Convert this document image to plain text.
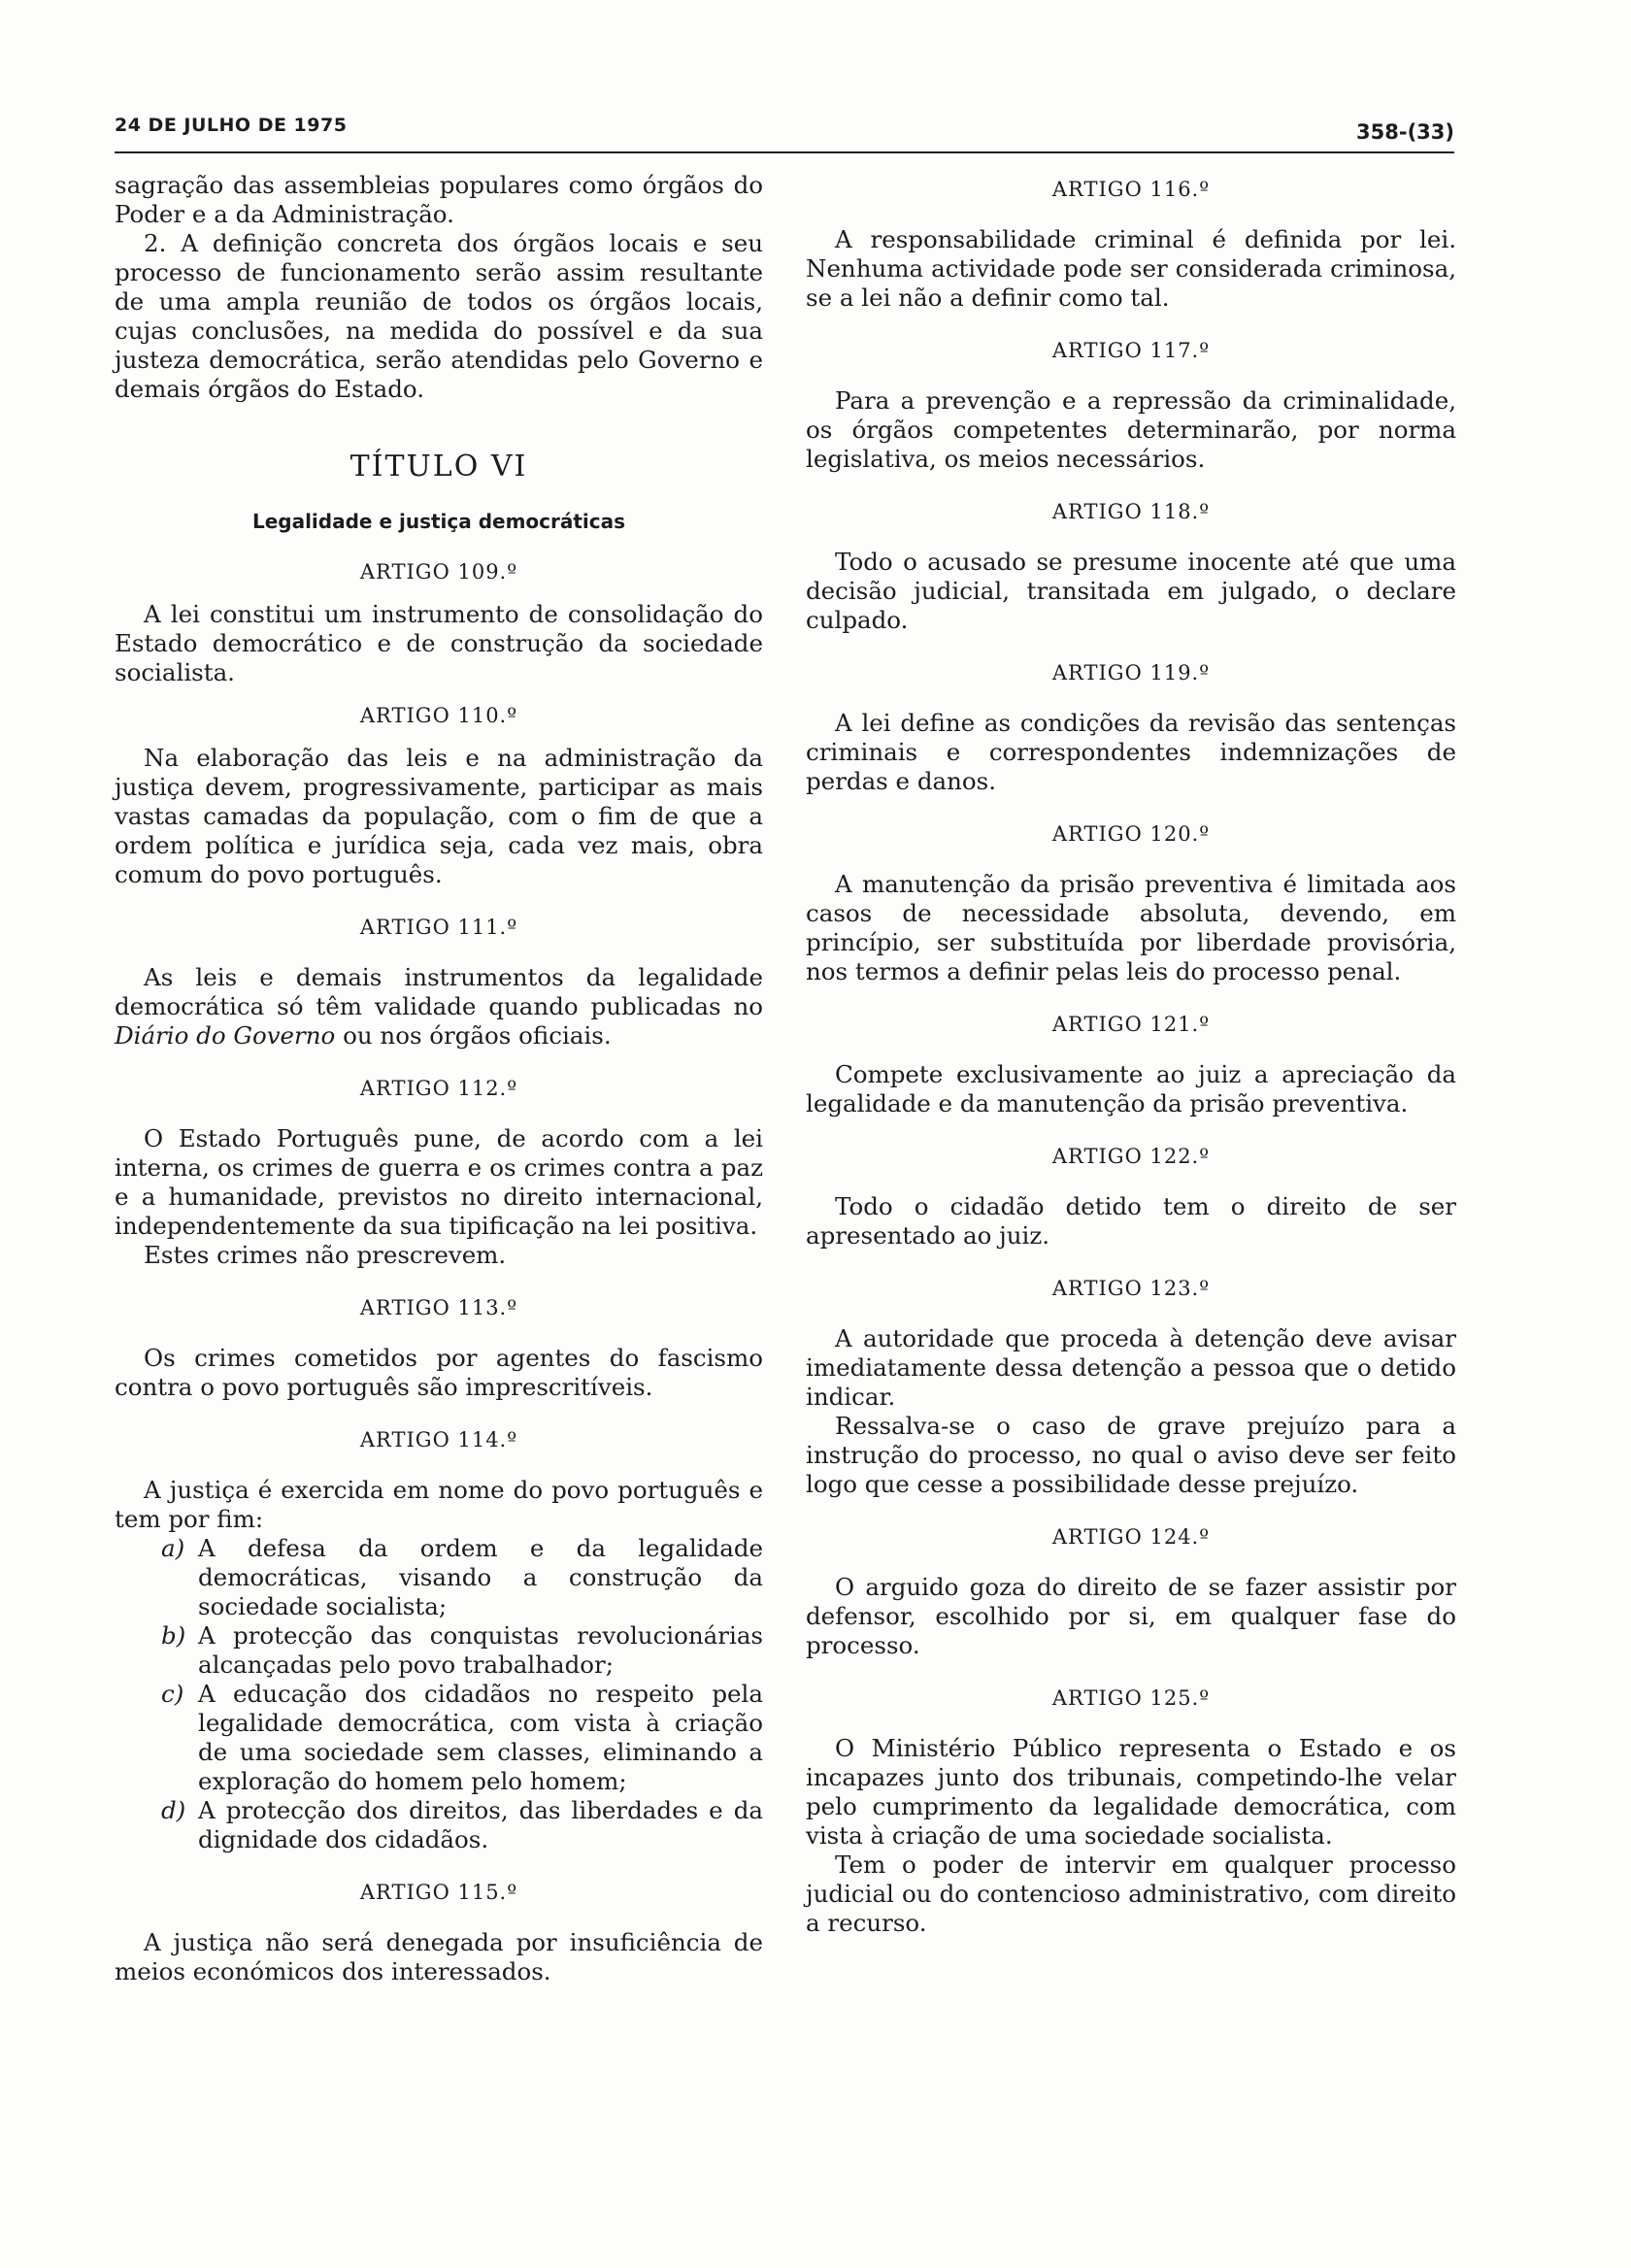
24 DE JULHO DE 1975	358-(33)

sagração das assembleias populares como órgãos do Poder e a da Administração.

2. A definição concreta dos órgãos locais e seu processo de funcionamento serão assim resultante de uma ampla reunião de todos os órgãos locais, cujas conclusões, na medida do possível e da sua justeza democrática, serão atendidas pelo Governo e demais órgãos do Estado.

TÍTULO VI
Legalidade e justiça democráticas
ARTIGO 109.º

A lei constitui um instrumento de consolidação do Estado democrático e de construção da sociedade socialista.

ARTIGO 110.º

Na elaboração das leis e na administração da justiça devem, progressivamente, participar as mais vastas camadas da população, com o fim de que a ordem política e jurídica seja, cada vez mais, obra comum do povo português.

ARTIGO 111.º

As leis e demais instrumentos da legalidade democrática só têm validade quando publicadas no Diário do Governo ou nos órgãos oficiais.

ARTIGO 112.º

O Estado Português pune, de acordo com a lei interna, os crimes de guerra e os crimes contra a paz e a humanidade, previstos no direito internacional, independentemente da sua tipificação na lei positiva.

Estes crimes não prescrevem.

ARTIGO 113.º

Os crimes cometidos por agentes do fascismo contra o povo português são imprescritíveis.

ARTIGO 114.º

A justiça é exercida em nome do povo português e tem por fim:

a) A defesa da ordem e da legalidade democráticas, visando a construção da sociedade socialista;
b) A protecção das conquistas revolucionárias alcançadas pelo povo trabalhador;
c) A educação dos cidadãos no respeito pela legalidade democrática, com vista à criação de uma sociedade sem classes, eliminando a exploração do homem pelo homem;
d) A protecção dos direitos, das liberdades e da dignidade dos cidadãos.
ARTIGO 115.º

A justiça não será denegada por insuficiência de meios económicos dos interessados.

ARTIGO 116.º

A responsabilidade criminal é definida por lei. Nenhuma actividade pode ser considerada criminosa, se a lei não a definir como tal.

ARTIGO 117.º

Para a prevenção e a repressão da criminalidade, os órgãos competentes determinarão, por norma legislativa, os meios necessários.

ARTIGO 118.º

Todo o acusado se presume inocente até que uma decisão judicial, transitada em julgado, o declare culpado.

ARTIGO 119.º

A lei define as condições da revisão das sentenças criminais e correspondentes indemnizações de perdas e danos.

ARTIGO 120.º

A manutenção da prisão preventiva é limitada aos casos de necessidade absoluta, devendo, em princípio, ser substituída por liberdade provisória, nos termos a definir pelas leis do processo penal.

ARTIGO 121.º

Compete exclusivamente ao juiz a apreciação da legalidade e da manutenção da prisão preventiva.

ARTIGO 122.º

Todo o cidadão detido tem o direito de ser apresentado ao juiz.

ARTIGO 123.º

A autoridade que proceda à detenção deve avisar imediatamente dessa detenção a pessoa que o detido indicar.

Ressalva-se o caso de grave prejuízo para a instrução do processo, no qual o aviso deve ser feito logo que cesse a possibilidade desse prejuízo.

ARTIGO 124.º

O arguido goza do direito de se fazer assistir por defensor, escolhido por si, em qualquer fase do processo.

ARTIGO 125.º

O Ministério Público representa o Estado e os incapazes junto dos tribunais, competindo-lhe velar pelo cumprimento da legalidade democrática, com vista à criação de uma sociedade socialista.

Tem o poder de intervir em qualquer processo judicial ou do contencioso administrativo, com direito a recurso.
